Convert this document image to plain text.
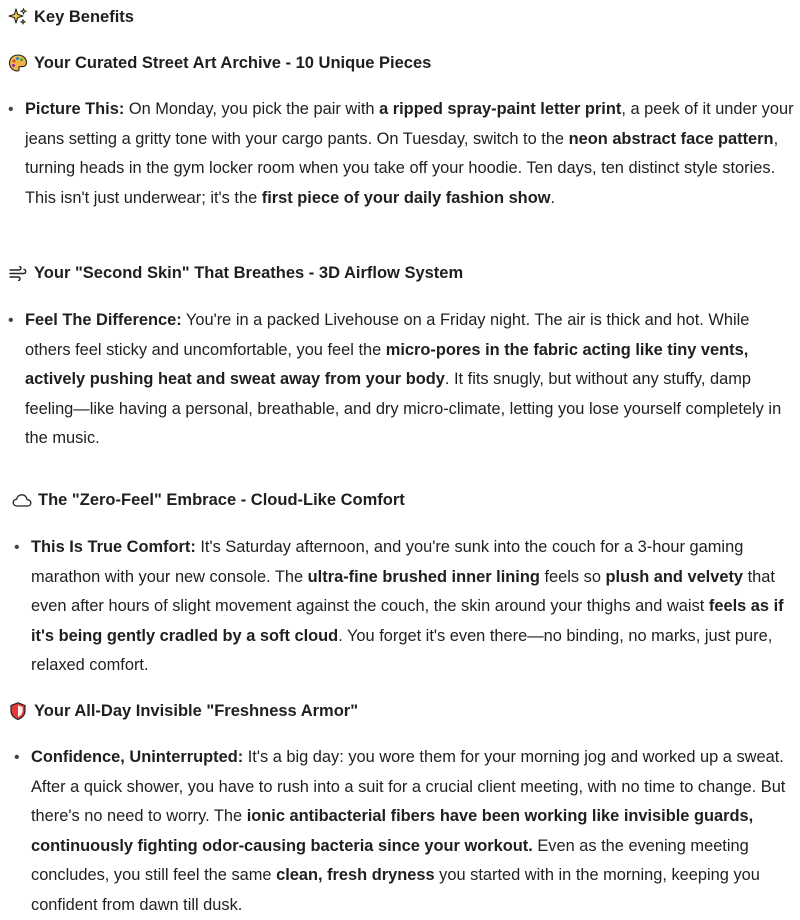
Key Benefits
Your Curated Street Art Archive - 10 Unique Pieces
• Picture This: On Monday, you pick the pair with a ripped spray-paint letter print, a peek of it under your jeans setting a gritty tone with your cargo pants. On Tuesday, switch to the neon abstract face pattern, turning heads in the gym locker room when you take off your hoodie. Ten days, ten distinct style stories. This isn't just underwear; it's the first piece of your daily fashion show.
Your "Second Skin" That Breathes - 3D Airflow System
• Feel The Difference: You're in a packed Livehouse on a Friday night. The air is thick and hot. While others feel sticky and uncomfortable, you feel the micro-pores in the fabric acting like tiny vents, actively pushing heat and sweat away from your body. It fits snugly, but without any stuffy, damp feeling—like having a personal, breathable, and dry micro-climate, letting you lose yourself completely in the music.
The "Zero-Feel" Embrace - Cloud-Like Comfort
• This Is True Comfort: It's Saturday afternoon, and you're sunk into the couch for a 3-hour gaming marathon with your new console. The ultra-fine brushed inner lining feels so plush and velvety that even after hours of slight movement against the couch, the skin around your thighs and waist feels as if it's being gently cradled by a soft cloud. You forget it's even there—no binding, no marks, just pure, relaxed comfort.
Your All-Day Invisible "Freshness Armor"
• Confidence, Uninterrupted: It's a big day: you wore them for your morning jog and worked up a sweat. After a quick shower, you have to rush into a suit for a crucial client meeting, with no time to change. But there's no need to worry. The ionic antibacterial fibers have been working like invisible guards, continuously fighting odor-causing bacteria since your workout. Even as the evening meeting concludes, you still feel the same clean, fresh dryness you started with in the morning, keeping you confident from dawn till dusk.
